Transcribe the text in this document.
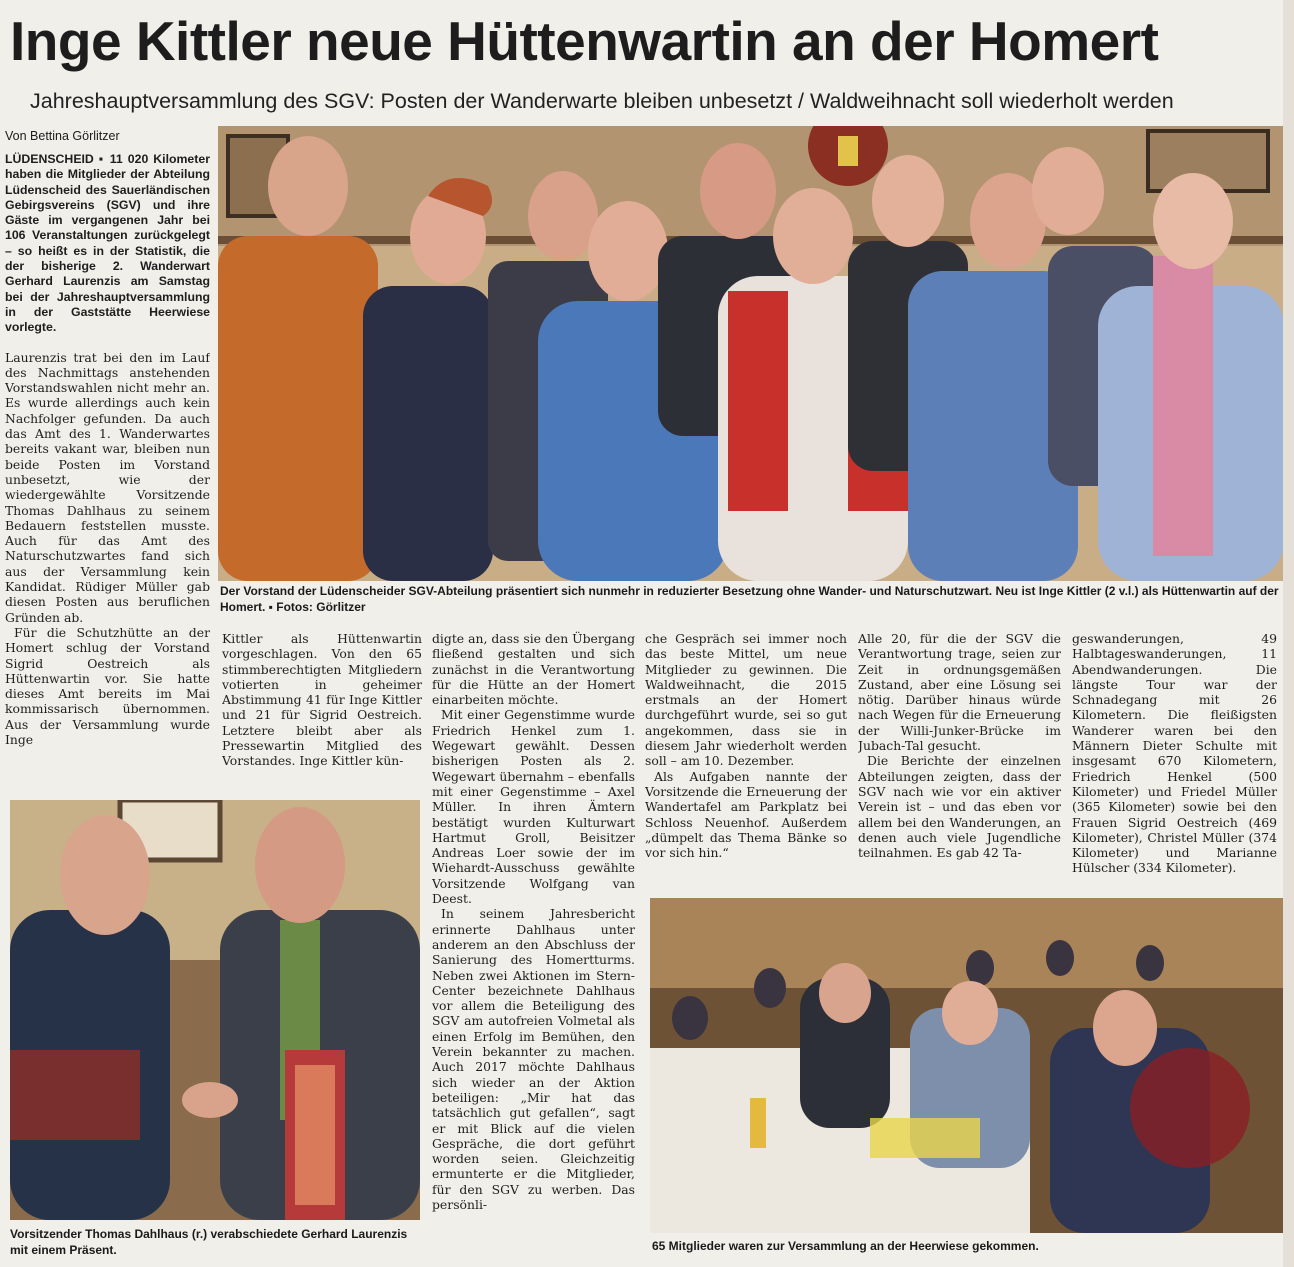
Inge Kittler neue Hüttenwartin an der Homert
Jahreshauptversammlung des SGV: Posten der Wanderwarte bleiben unbesetzt / Waldweihnacht soll wiederholt werden
Von Bettina Görlitzer

LÜDENSCHEID ▪ 11 020 Kilometer haben die Mitglieder der Abteilung Lüdenscheid des Sauerländischen Gebirgsvereins (SGV) und ihre Gäste im vergangenen Jahr bei 106 Veranstaltungen zurückgelegt – so heißt es in der Statistik, die der bisherige 2. Wanderwart Gerhard Laurenzis am Samstag bei der Jahreshauptversammlung in der Gaststätte Heerwiese vorlegte.

Laurenzis trat bei den im Lauf des Nachmittags anstehenden Vorstandswahlen nicht mehr an. Es wurde allerdings auch kein Nachfolger gefunden. Da auch das Amt des 1. Wanderwartes bereits vakant war, bleiben nun beide Posten im Vorstand unbesetzt, wie der wiedergewählte Vorsitzende Thomas Dahlhaus zu seinem Bedauern feststellen musste. Auch für das Amt des Naturschutzwartes fand sich aus der Versammlung kein Kandidat. Rüdiger Müller gab diesen Posten aus beruflichen Gründen ab.

Für die Schutzhütte an der Homert schlug der Vorstand Sigrid Oestreich als Hüttenwartin vor. Sie hatte dieses Amt bereits im Mai kommissarisch übernommen. Aus der Versammlung wurde Inge

Der Vorstand der Lüdenscheider SGV-Abteilung präsentiert sich nunmehr in reduzierter Besetzung ohne Wander- und Naturschutzwart. Neu ist Inge Kittler (2 v.l.) als Hüttenwartin auf der Homert. ▪ Fotos: Görlitzer

Kittler als Hüttenwartin vorgeschlagen. Von den 65 stimmberechtigten Mitgliedern votierten in geheimer Abstimmung 41 für Inge Kittler und 21 für Sigrid Oestreich. Letztere bleibt aber als Pressewartin Mitglied des Vorstandes. Inge Kittler kün-

digte an, dass sie den Übergang fließend gestalten und sich zunächst in die Verantwortung für die Hütte an der Homert einarbeiten möchte.

Mit einer Gegenstimme wurde Friedrich Henkel zum 1. Wegewart gewählt. Dessen bisherigen Posten als 2. Wegewart übernahm – ebenfalls mit einer Gegenstimme – Axel Müller. In ihren Ämtern bestätigt wurden Kulturwart Hartmut Groll, Beisitzer Andreas Loer sowie der im Wiehardt-Ausschuss gewählte Vorsitzende Wolfgang van Deest.

In seinem Jahresbericht erinnerte Dahlhaus unter anderem an den Abschluss der Sanierung des Homertturms. Neben zwei Aktionen im Stern-Center bezeichnete Dahlhaus vor allem die Beteiligung des SGV am autofreien Volmetal als einen Erfolg im Bemühen, den Verein bekannter zu machen. Auch 2017 möchte Dahlhaus sich wieder an der Aktion beteiligen: „Mir hat das tatsächlich gut gefallen“, sagt er mit Blick auf die vielen Gespräche, die dort geführt worden seien. Gleichzeitig ermunterte er die Mitglieder, für den SGV zu werben. Das persönli-

che Gespräch sei immer noch das beste Mittel, um neue Mitglieder zu gewinnen. Die Waldweihnacht, die 2015 erstmals an der Homert durchgeführt wurde, sei so gut angekommen, dass sie in diesem Jahr wiederholt werden soll – am 10. Dezember.

Als Aufgaben nannte der Vorsitzende die Erneuerung der Wandertafel am Parkplatz bei Schloss Neuenhof. Außerdem „dümpelt das Thema Bänke so vor sich hin.“

Alle 20, für die der SGV die Verantwortung trage, seien zur Zeit in ordnungsgemäßen Zustand, aber eine Lösung sei nötig. Darüber hinaus würde nach Wegen für die Erneuerung der Willi-Junker-Brücke im Jubach-Tal gesucht.

Die Berichte der einzelnen Abteilungen zeigten, dass der SGV nach wie vor ein aktiver Verein ist – und das eben vor allem bei den Wanderungen, an denen auch viele Jugendliche teilnahmen. Es gab 42 Ta-

geswanderungen, 49 Halbtageswanderungen, 11 Abendwanderungen. Die längste Tour war der Schnadegang mit 26 Kilometern. Die fleißigsten Wanderer waren bei den Männern Dieter Schulte mit insgesamt 670 Kilometern, Friedrich Henkel (500 Kilometer) und Friedel Müller (365 Kilometer) sowie bei den Frauen Sigrid Oestreich (469 Kilometer), Christel Müller (374 Kilometer) und Marianne Hülscher (334 Kilometer).

Vorsitzender Thomas Dahlhaus (r.) verabschiedete Gerhard Laurenzis mit einem Präsent.	65 Mitglieder waren zur Versammlung an der Heerwiese gekommen.
